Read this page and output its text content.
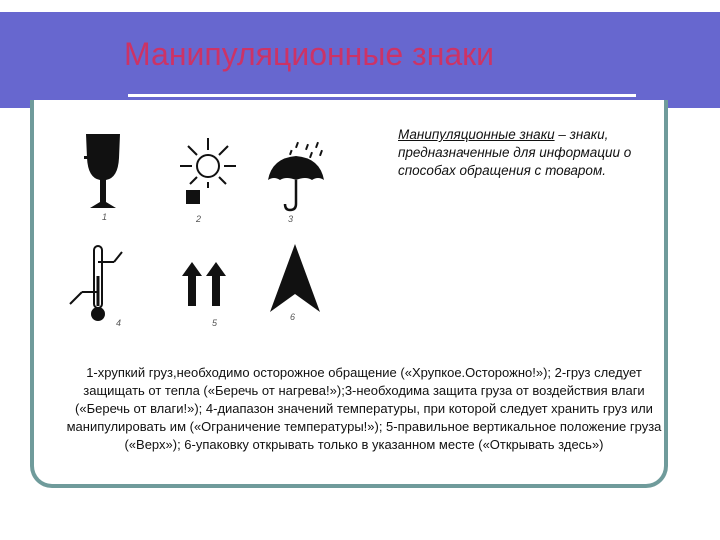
Манипуляционные знаки
Манипуляционные знаки – знаки, предназначенные для информации о способах обращения с товаром.
1	2	3
4	5
6
1-хрупкий груз,необходимо осторожное обращение («Хрупкое.Осторожно!»); 2-груз следует защищать от тепла («Беречь от нагрева!»);3-необходима защита груза от воздействия влаги («Беречь от влаги!»); 4-диапазон значений температуры, при которой следует хранить груз или манипулировать им («Ограничение температуры!»); 5-правильное вертикальное положение груза («Верх»); 6-упаковку открывать только в указанном месте («Открывать здесь»)
